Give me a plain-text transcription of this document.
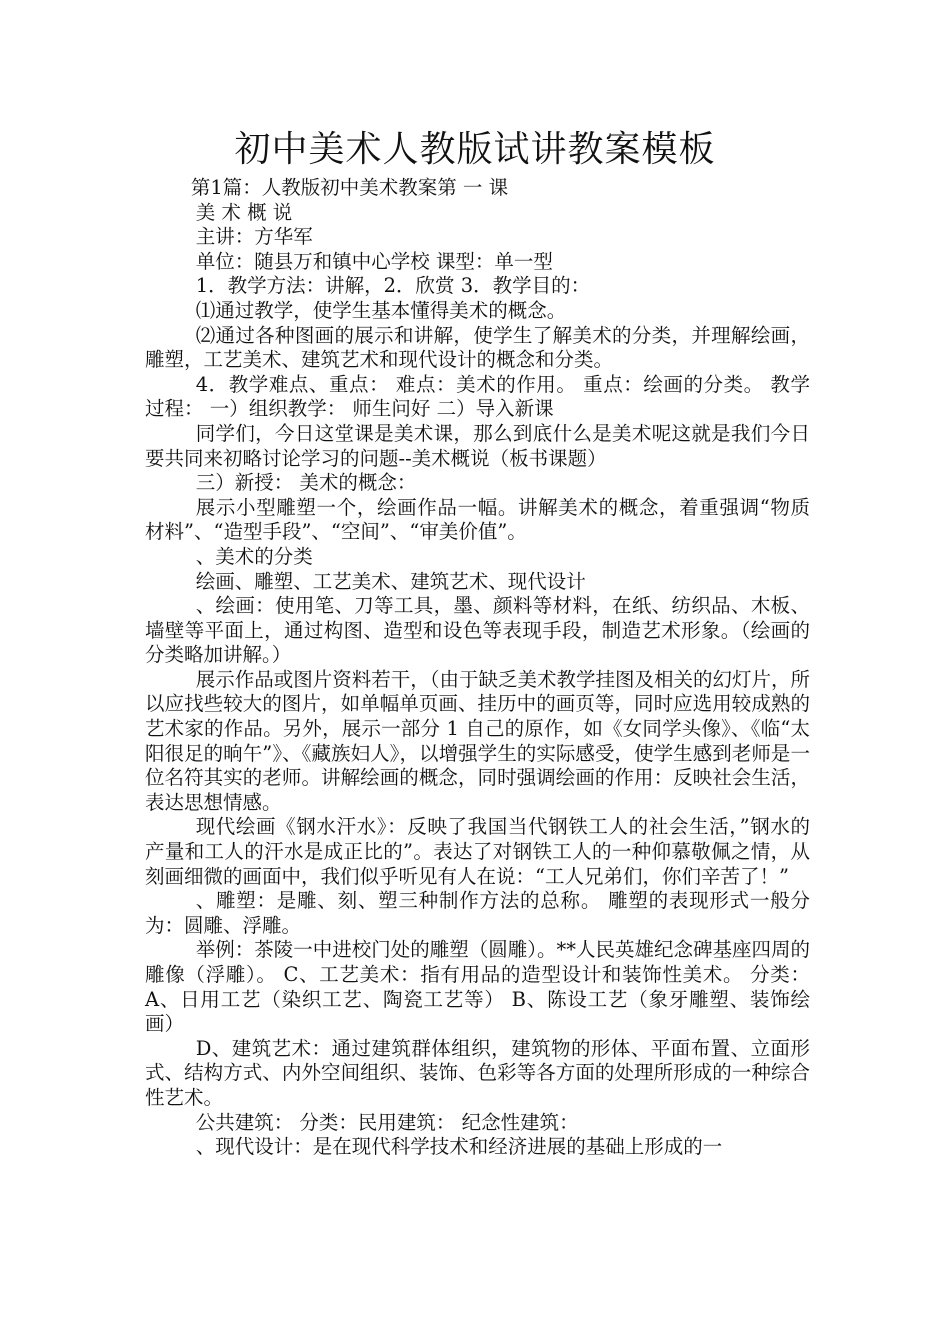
初中美术人教版试讲教案模板

第1篇：人教版初中美术教案第 一 课

美 术 概 说

主讲：方华军

单位：随县万和镇中心学校 课型：单一型

1．教学方法：讲解，2．欣赏 3．教学目的：

⑴通过教学，使学生基本懂得美术的概念。

⑵通过各种图画的展示和讲解，使学生了解美术的分类，并理解绘画，雕塑，工艺美术、建筑艺术和现代设计的概念和分类。

4．教学难点、重点： 难点：美术的作用。 重点：绘画的分类。 教学过程： 一）组织教学： 师生问好 二）导入新课

同学们，今日这堂课是美术课，那么到底什么是美术呢这就是我们今日要共同来初略讨论学习的问题--美术概说（板书课题）

三）新授： 美术的概念：

展示小型雕塑一个，绘画作品一幅。讲解美术的概念，着重强调“物质材料”、“造型手段”、“空间”、“审美价值”。

、美术的分类

绘画、雕塑、工艺美术、建筑艺术、现代设计

、绘画：使用笔、刀等工具，墨、颜料等材料，在纸、纺织品、木板、墙壁等平面上，通过构图、造型和设色等表现手段，制造艺术形象。（绘画的分类略加讲解。）

展示作品或图片资料若干，（由于缺乏美术教学挂图及相关的幻灯片，所以应找些较大的图片，如单幅单页画、挂历中的画页等，同时应选用较成熟的艺术家的作品。另外，展示一部分 1 自己的原作，如《女同学头像》、《临“太阳很足的晌午”》、《藏族妇人》，以增强学生的实际感受，使学生感到老师是一位名符其实的老师。讲解绘画的概念，同时强调绘画的作用：反映社会生活，表达思想情感。

现代绘画《钢水汗水》：反映了我国当代钢铁工人的社会生活，”钢水的产量和工人的汗水是成正比的”。表达了对钢铁工人的一种仰慕敬佩之情，从刻画细微的画面中，我们似乎听见有人在说：“工人兄弟们，你们辛苦了！”

、雕塑：是雕、刻、塑三种制作方法的总称。 雕塑的表现形式一般分为：圆雕、浮雕。

举例：茶陵一中进校门处的雕塑（圆雕）。**人民英雄纪念碑基座四周的雕像（浮雕）。 C、工艺美术：指有用品的造型设计和装饰性美术。 分类：A、日用工艺（染织工艺、陶瓷工艺等） B、陈设工艺（象牙雕塑、装饰绘画）

D、建筑艺术：通过建筑群体组织，建筑物的形体、平面布置、立面形式、结构方式、内外空间组织、装饰、色彩等各方面的处理所形成的一种综合性艺术。

公共建筑： 分类：民用建筑： 纪念性建筑：

、现代设计：是在现代科学技术和经济进展的基础上形成的一
